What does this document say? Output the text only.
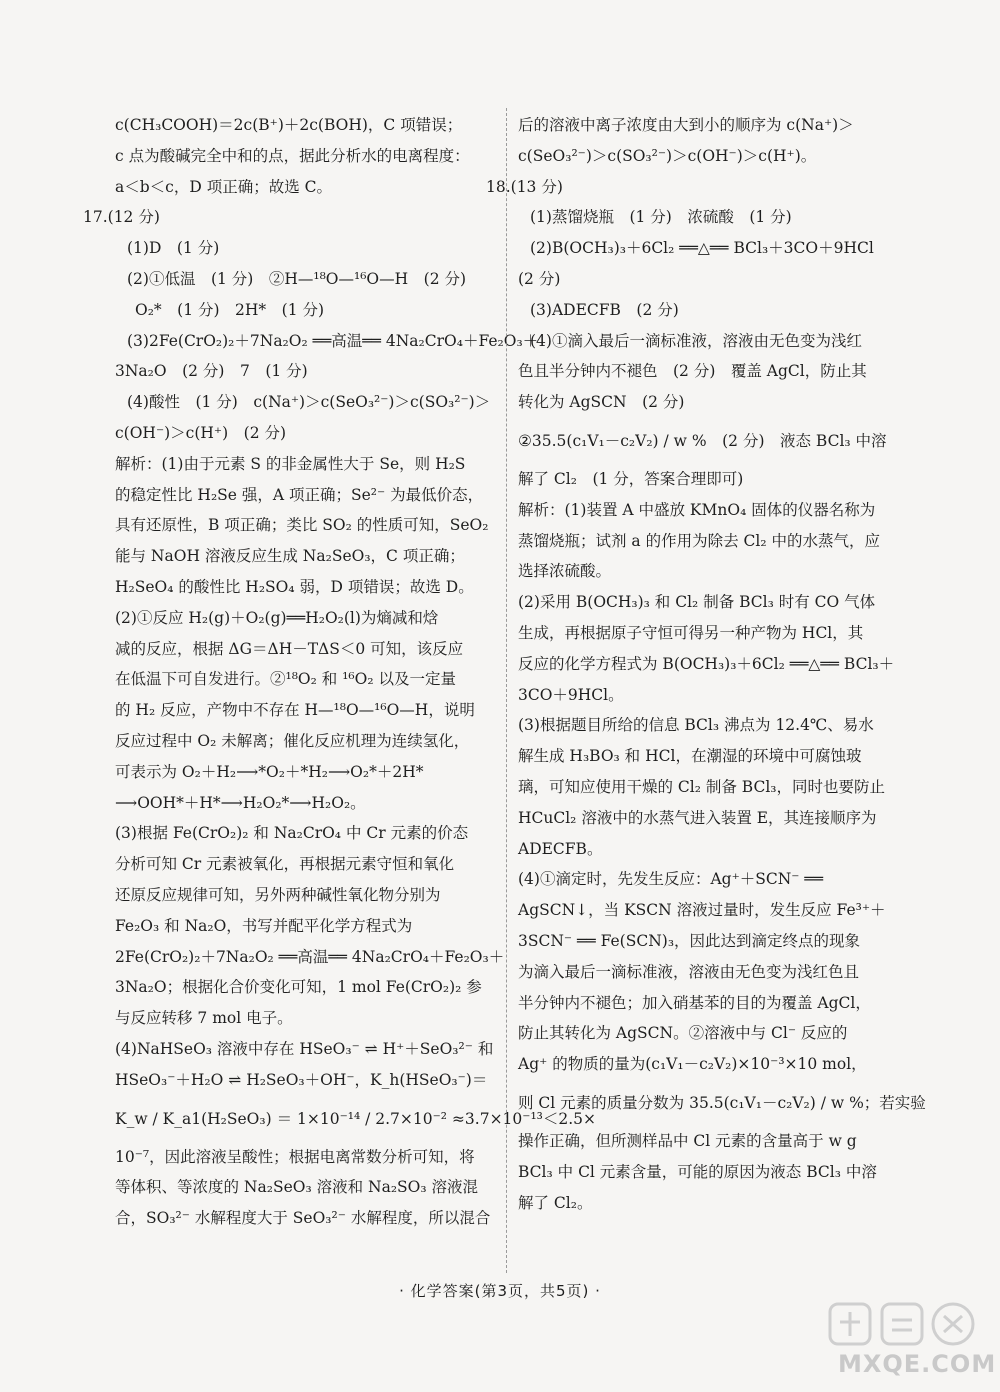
c(CH₃COOH)＝2c(B⁺)＋2c(BOH)，C 项错误；
c 点为酸碱完全中和的点，据此分析水的电离程度：
a＜b＜c，D 项正确；故选 C。
17.(12 分)
(1)D　(1 分)
(2)①低温　(1 分)　②H—¹⁸O—¹⁶O—H　(2 分)
O₂*　(1 分)　2H*　(1 分)
(3)2Fe(CrO₂)₂＋7Na₂O₂ ══高温══ 4Na₂CrO₄＋Fe₂O₃＋
3Na₂O　(2 分)　7　(1 分)
(4)酸性　(1 分)　c(Na⁺)＞c(SeO₃²⁻)＞c(SO₃²⁻)＞
c(OH⁻)＞c(H⁺)　(2 分)
解析：(1)由于元素 S 的非金属性大于 Se，则 H₂S
的稳定性比 H₂Se 强，A 项正确；Se²⁻ 为最低价态，
具有还原性，B 项正确；类比 SO₂ 的性质可知，SeO₂
能与 NaOH 溶液反应生成 Na₂SeO₃，C 项正确；
H₂SeO₄ 的酸性比 H₂SO₄ 弱，D 项错误；故选 D。
(2)①反应 H₂(g)＋O₂(g)══H₂O₂(l)为熵减和焓
减的反应，根据 ΔG＝ΔH－TΔS＜0 可知，该反应
在低温下可自发进行。②¹⁸O₂ 和 ¹⁶O₂ 以及一定量
的 H₂ 反应，产物中不存在 H—¹⁸O—¹⁶O—H，说明
反应过程中 O₂ 未解离；催化反应机理为连续氢化，
可表示为 O₂＋H₂⟶*O₂＋*H₂⟶O₂*＋2H*
⟶OOH*＋H*⟶H₂O₂*⟶H₂O₂。
(3)根据 Fe(CrO₂)₂ 和 Na₂CrO₄ 中 Cr 元素的价态
分析可知 Cr 元素被氧化，再根据元素守恒和氧化
还原反应规律可知，另外两种碱性氧化物分别为
Fe₂O₃ 和 Na₂O，书写并配平化学方程式为
2Fe(CrO₂)₂＋7Na₂O₂ ══高温══ 4Na₂CrO₄＋Fe₂O₃＋
3Na₂O；根据化合价变化可知，1 mol Fe(CrO₂)₂ 参
与反应转移 7 mol 电子。
(4)NaHSeO₃ 溶液中存在 HSeO₃⁻ ⇌ H⁺＋SeO₃²⁻ 和
HSeO₃⁻＋H₂O ⇌ H₂SeO₃＋OH⁻，K_h(HSeO₃⁻)＝
K_w / K_a1(H₂SeO₃) ＝ 1×10⁻¹⁴ / 2.7×10⁻² ≈3.7×10⁻¹³＜2.5×
10⁻⁷，因此溶液呈酸性；根据电离常数分析可知，将
等体积、等浓度的 Na₂SeO₃ 溶液和 Na₂SO₃ 溶液混
合，SO₃²⁻ 水解程度大于 SeO₃²⁻ 水解程度，所以混合
后的溶液中离子浓度由大到小的顺序为 c(Na⁺)＞
c(SeO₃²⁻)＞c(SO₃²⁻)＞c(OH⁻)＞c(H⁺)。
18.(13 分)
(1)蒸馏烧瓶　(1 分)　浓硫酸　(1 分)
(2)B(OCH₃)₃＋6Cl₂ ══△══ BCl₃＋3CO＋9HCl
(2 分)
(3)ADECFB　(2 分)
(4)①滴入最后一滴标准液，溶液由无色变为浅红
色且半分钟内不褪色　(2 分)　覆盖 AgCl，防止其
转化为 AgSCN　(2 分)
②35.5(c₁V₁－c₂V₂) / w %　(2 分)　液态 BCl₃ 中溶
解了 Cl₂　(1 分，答案合理即可)
解析：(1)装置 A 中盛放 KMnO₄ 固体的仪器名称为
蒸馏烧瓶；试剂 a 的作用为除去 Cl₂ 中的水蒸气，应
选择浓硫酸。
(2)采用 B(OCH₃)₃ 和 Cl₂ 制备 BCl₃ 时有 CO 气体
生成，再根据原子守恒可得另一种产物为 HCl，其
反应的化学方程式为 B(OCH₃)₃＋6Cl₂ ══△══ BCl₃＋
3CO＋9HCl。
(3)根据题目所给的信息 BCl₃ 沸点为 12.4℃、易水
解生成 H₃BO₃ 和 HCl，在潮湿的环境中可腐蚀玻
璃，可知应使用干燥的 Cl₂ 制备 BCl₃，同时也要防止
HCuCl₂ 溶液中的水蒸气进入装置 E，其连接顺序为
ADECFB。
(4)①滴定时，先发生反应：Ag⁺＋SCN⁻ ══
AgSCN↓，当 KSCN 溶液过量时，发生反应 Fe³⁺＋
3SCN⁻ ══ Fe(SCN)₃，因此达到滴定终点的现象
为滴入最后一滴标准液，溶液由无色变为浅红色且
半分钟内不褪色；加入硝基苯的目的为覆盖 AgCl，
防止其转化为 AgSCN。②溶液中与 Cl⁻ 反应的
Ag⁺ 的物质的量为(c₁V₁－c₂V₂)×10⁻³×10 mol，
则 Cl 元素的质量分数为 35.5(c₁V₁－c₂V₂) / w %；若实验
操作正确，但所测样品中 Cl 元素的含量高于 w g
BCl₃ 中 Cl 元素含量，可能的原因为液态 BCl₃ 中溶
解了 Cl₂。
· 化学答案(第3页，共5页) ·
MXQE.COM
